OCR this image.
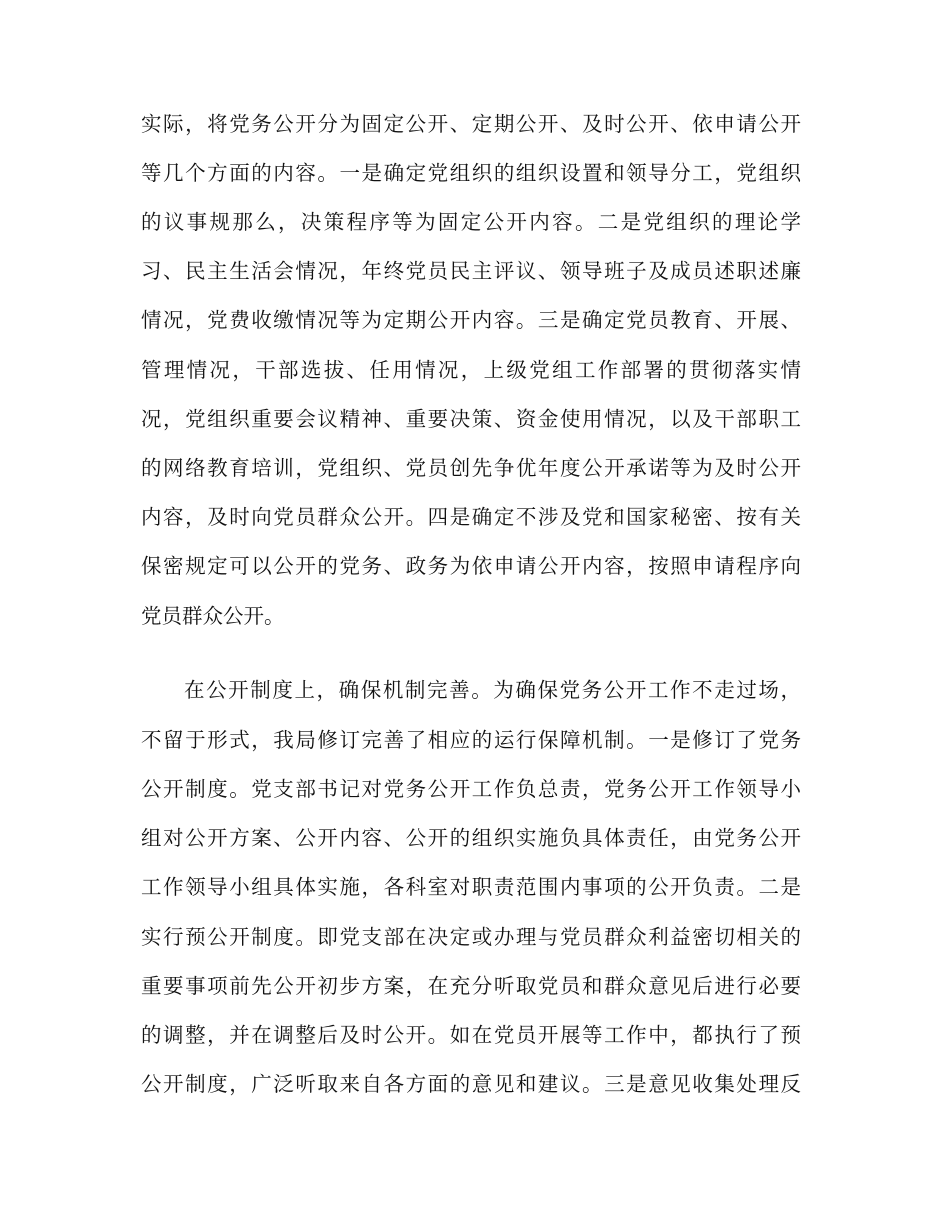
实际，将党务公开分为固定公开、定期公开、及时公开、依申请公开
等几个方面的内容。一是确定党组织的组织设置和领导分工，党组织
的议事规那么，决策程序等为固定公开内容。二是党组织的理论学
习、民主生活会情况，年终党员民主评议、领导班子及成员述职述廉
情况，党费收缴情况等为定期公开内容。三是确定党员教育、开展、
管理情况，干部选拔、任用情况，上级党组工作部署的贯彻落实情
况，党组织重要会议精神、重要决策、资金使用情况，以及干部职工
的网络教育培训，党组织、党员创先争优年度公开承诺等为及时公开
内容，及时向党员群众公开。四是确定不涉及党和国家秘密、按有关
保密规定可以公开的党务、政务为依申请公开内容，按照申请程序向
党员群众公开。
在公开制度上，确保机制完善。为确保党务公开工作不走过场，
不留于形式，我局修订完善了相应的运行保障机制。一是修订了党务
公开制度。党支部书记对党务公开工作负总责，党务公开工作领导小
组对公开方案、公开内容、公开的组织实施负具体责任，由党务公开
工作领导小组具体实施，各科室对职责范围内事项的公开负责。二是
实行预公开制度。即党支部在决定或办理与党员群众利益密切相关的
重要事项前先公开初步方案，在充分听取党员和群众意见后进行必要
的调整，并在调整后及时公开。如在党员开展等工作中，都执行了预
公开制度，广泛听取来自各方面的意见和建议。三是意见收集处理反
